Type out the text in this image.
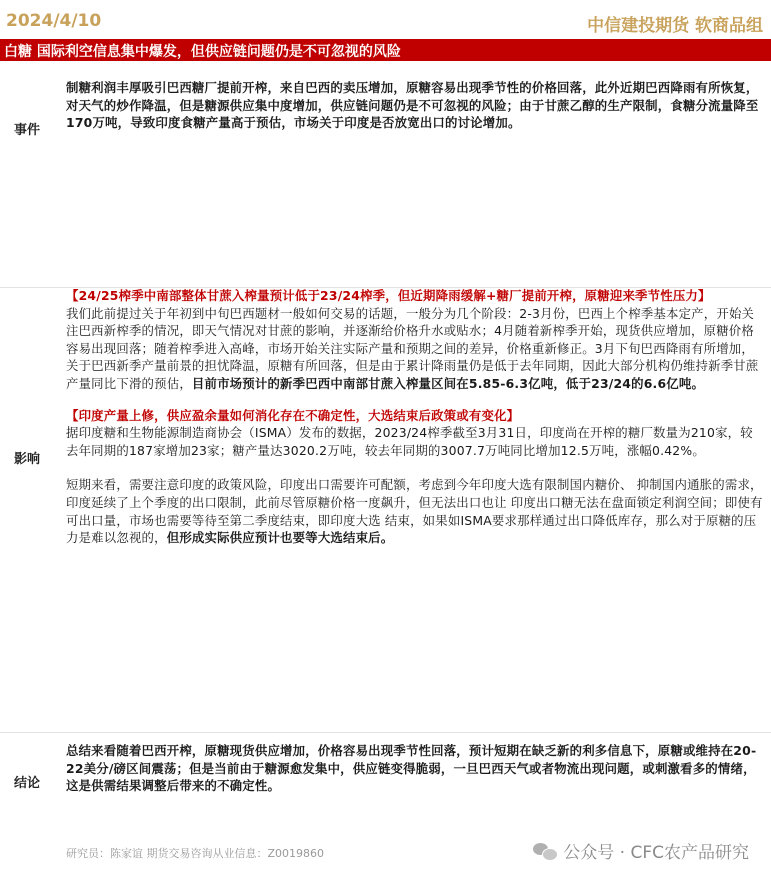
2024/4/10	中信建投期货 软商品组
白糖 国际利空信息集中爆发，但供应链问题仍是不可忽视的风险
事件
制糖利润丰厚吸引巴西糖厂提前开榨，来自巴西的卖压增加，原糖容易出现季节性的价格回落，此外近期巴西降雨有所恢复，对天气的炒作降温，但是糖源供应集中度增加，供应链问题仍是不可忽视的风险；由于甘蔗乙醇的生产限制，食糖分流量降至170万吨，导致印度食糖产量高于预估，市场关于印度是否放宽出口的讨论增加。
影响

【24/25榨季中南部整体甘蔗入榨量预计低于23/24榨季，但近期降雨缓解+糖厂提前开榨，原糖迎来季节性压力】

我们此前提过关于年初到中旬巴西题材一般如何交易的话题，一般分为几个阶段：2-3月份，巴西上个榨季基本定产，开始关注巴西新榨季的情况，即天气情况对甘蔗的影响，并逐渐给价格升水或贴水；4月随着新榨季开始，现货供应增加，原糖价格容易出现回落；随着榨季进入高峰，市场开始关注实际产量和预期之间的差异，价格重新修正。3月下旬巴西降雨有所增加，关于巴西新季产量前景的担忧降温，原糖有所回落，但是由于累计降雨量仍是低于去年同期，因此大部分机构仍维持新季甘蔗产量同比下滑的预估，目前市场预计的新季巴西中南部甘蔗入榨量区间在5.85-6.3亿吨，低于23/24的6.6亿吨。

【印度产量上修，供应盈余量如何消化存在不确定性，大选结束后政策或有变化】

据印度糖和生物能源制造商协会（ISMA）发布的数据，2023/24榨季截至3月31日，印度尚在开榨的糖厂数量为210家，较去年同期的187家增加23家；糖产量达3020.2万吨，较去年同期的3007.7万吨同比增加12.5万吨，涨幅0.42%。

短期来看，需要注意印度的政策风险，印度出口需要许可配额，考虑到今年印度大选有限制国内糖价、 抑制国内通胀的需求，印度延续了上个季度的出口限制，此前尽管原糖价格一度飙升，但无法出口也让 印度出口糖无法在盘面锁定利润空间；即使有可出口量，市场也需要等待至第二季度结束，即印度大选 结束，如果如ISMA要求那样通过出口降低库存，那么对于原糖的压力是难以忽视的，但形成实际供应预计也要等大选结束后。

结论
总结来看随着巴西开榨，原糖现货供应增加，价格容易出现季节性回落，预计短期在缺乏新的利多信息下，原糖或维持在20-22美分/磅区间震荡；但是当前由于糖源愈发集中，供应链变得脆弱，一旦巴西天气或者物流出现问题，或刺激看多的情绪，这是供需结果调整后带来的不确定性。
研究员：陈家谊 期货交易咨询从业信息：Z0019860	公众号 · CFC农产品研究
